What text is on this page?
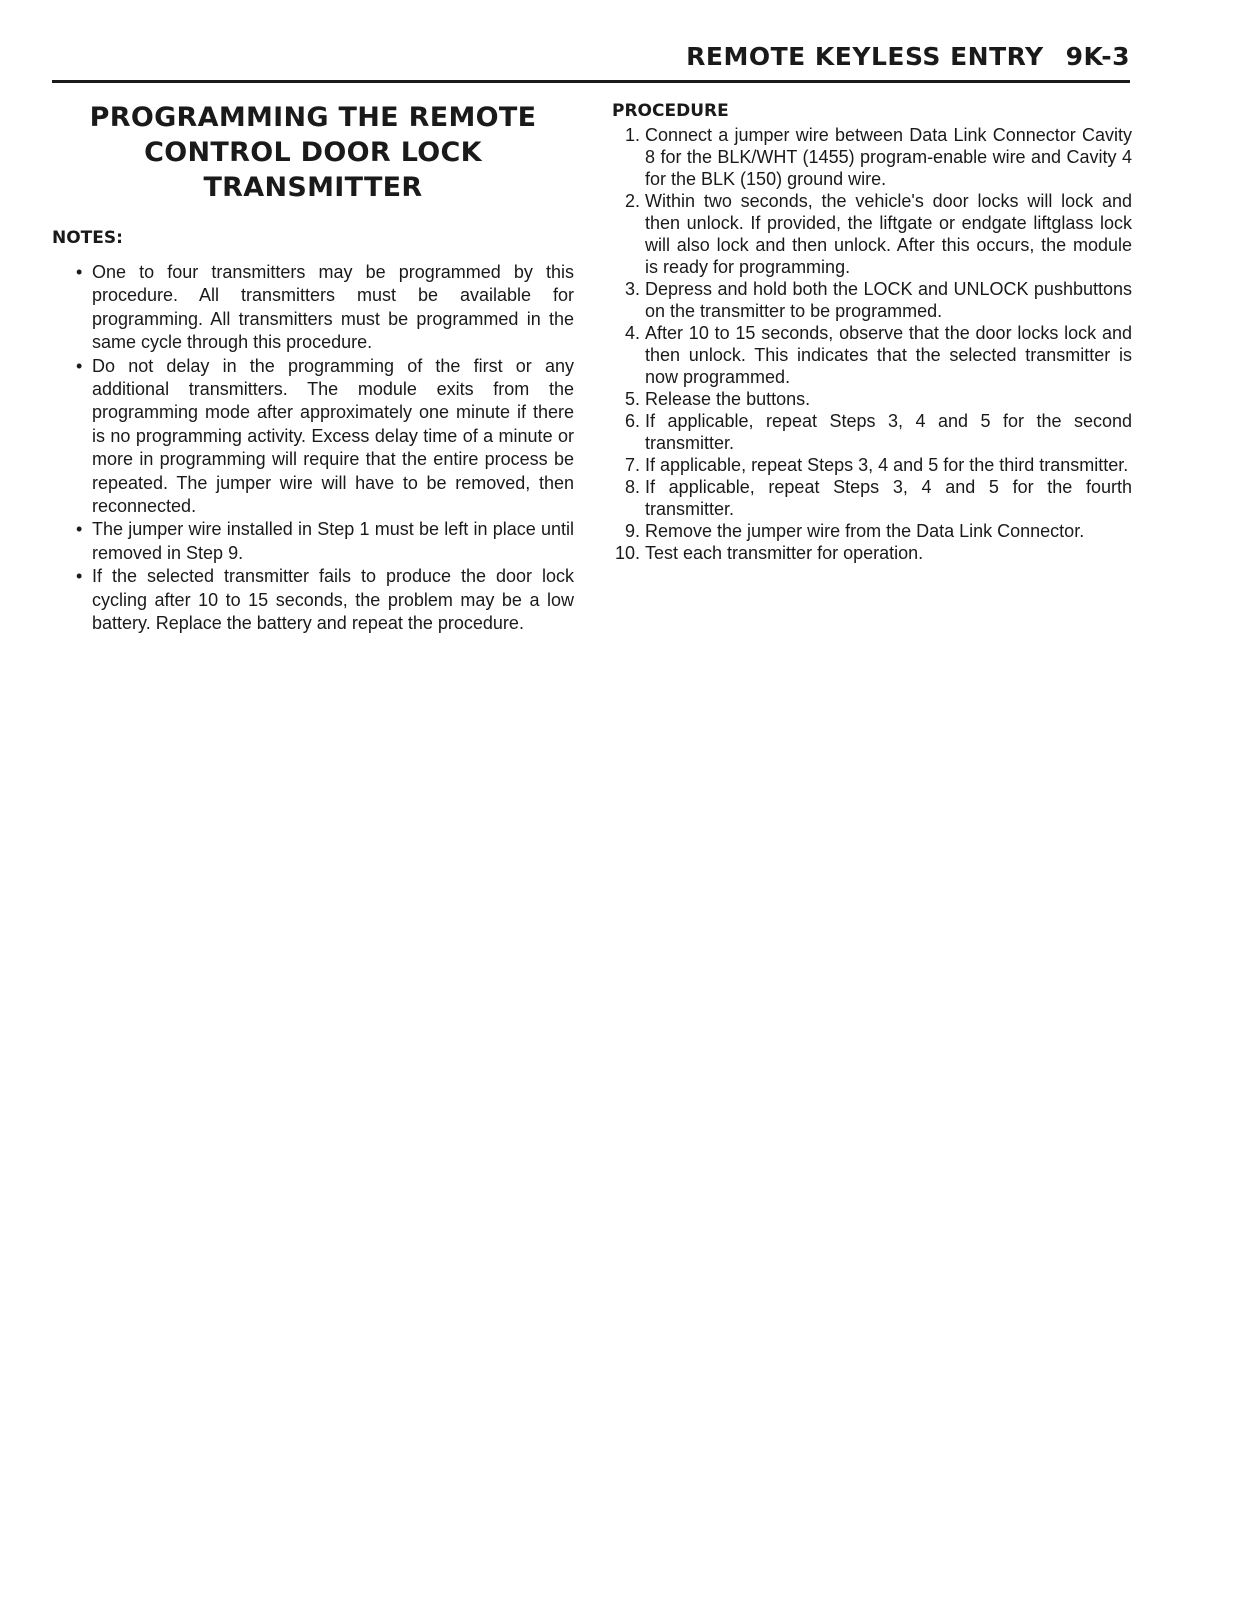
REMOTE KEYLESS ENTRY 9K-3
PROGRAMMING THE REMOTE
CONTROL DOOR LOCK
TRANSMITTER
NOTES:
• One to four transmitters may be programmed by this procedure. All transmitters must be available for programming. All transmitters must be programmed in the same cycle through this procedure.
• Do not delay in the programming of the first or any additional transmitters. The module exits from the programming mode after approximately one minute if there is no programming activity. Excess delay time of a minute or more in programming will require that the entire process be repeated. The jumper wire will have to be removed, then reconnected.
• The jumper wire installed in Step 1 must be left in place until removed in Step 9.
• If the selected transmitter fails to produce the door lock cycling after 10 to 15 seconds, the problem may be a low battery. Replace the battery and repeat the procedure.
PROCEDURE
1. Connect a jumper wire between Data Link Connector Cavity 8 for the BLK/WHT (1455) program-enable wire and Cavity 4 for the BLK (150) ground wire.
2. Within two seconds, the vehicle's door locks will lock and then unlock. If provided, the liftgate or endgate liftglass lock will also lock and then unlock. After this occurs, the module is ready for programming.
3. Depress and hold both the LOCK and UNLOCK pushbuttons on the transmitter to be programmed.
4. After 10 to 15 seconds, observe that the door locks lock and then unlock. This indicates that the selected transmitter is now programmed.
5. Release the buttons.
6. If applicable, repeat Steps 3, 4 and 5 for the second transmitter.
7. If applicable, repeat Steps 3, 4 and 5 for the third transmitter.
8. If applicable, repeat Steps 3, 4 and 5 for the fourth transmitter.
9. Remove the jumper wire from the Data Link Connector.
10. Test each transmitter for operation.
